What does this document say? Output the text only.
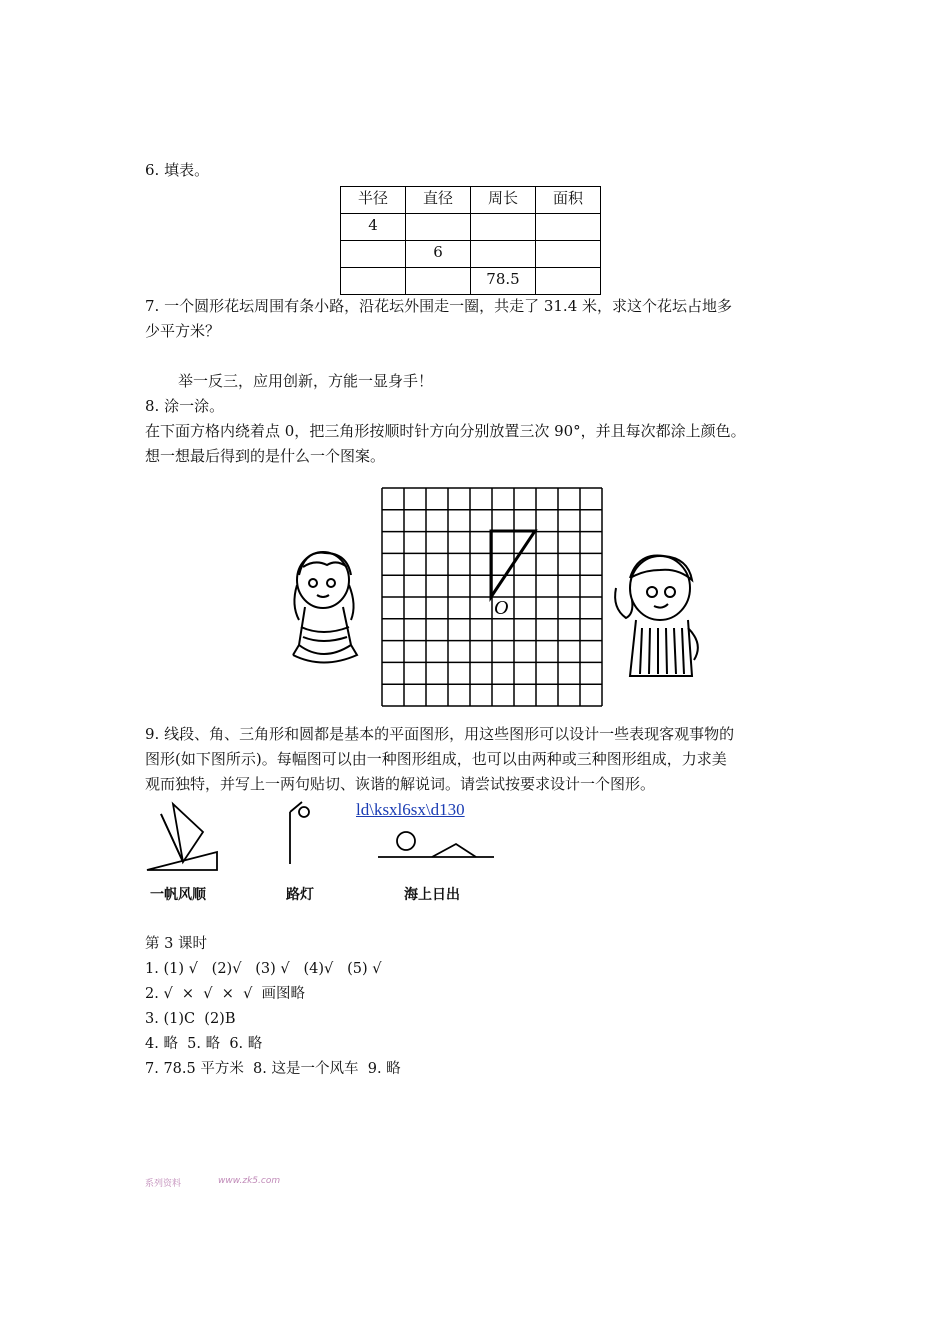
6. 填表。
半径	直径	周长	面积
4			
	6		
		78.5	
7. 一个圆形花坛周围有条小路，沿花坛外围走一圈，共走了 31.4 米，求这个花坛占地多
少平方米？
举一反三，应用创新，方能一显身手！
8. 涂一涂。
在下面方格内绕着点 0，把三角形按顺时针方向分别放置三次 90°，并且每次都涂上颜色。
想一想最后得到的是什么一个图案。
O
9. 线段、角、三角形和圆都是基本的平面图形，用这些图形可以设计一些表现客观事物的
图形(如下图所示)。每幅图可以由一种图形组成，也可以由两种或三种图形组成，力求美
观而独特，并写上一两句贴切、诙谐的解说词。请尝试按要求设计一个图形。
ld\ksxl6sx\d130
一帆风顺	路灯	海上日出
第 3 课时
1. (1) √   (2)√   (3) √   (4)√   (5) √
2. √  ×  √  ×  √  画图略
3. (1)C  (2)B
4. 略  5. 略  6. 略
7. 78.5 平方米  8. 这是一个风车  9. 略
系列资料	www.zk5.com
